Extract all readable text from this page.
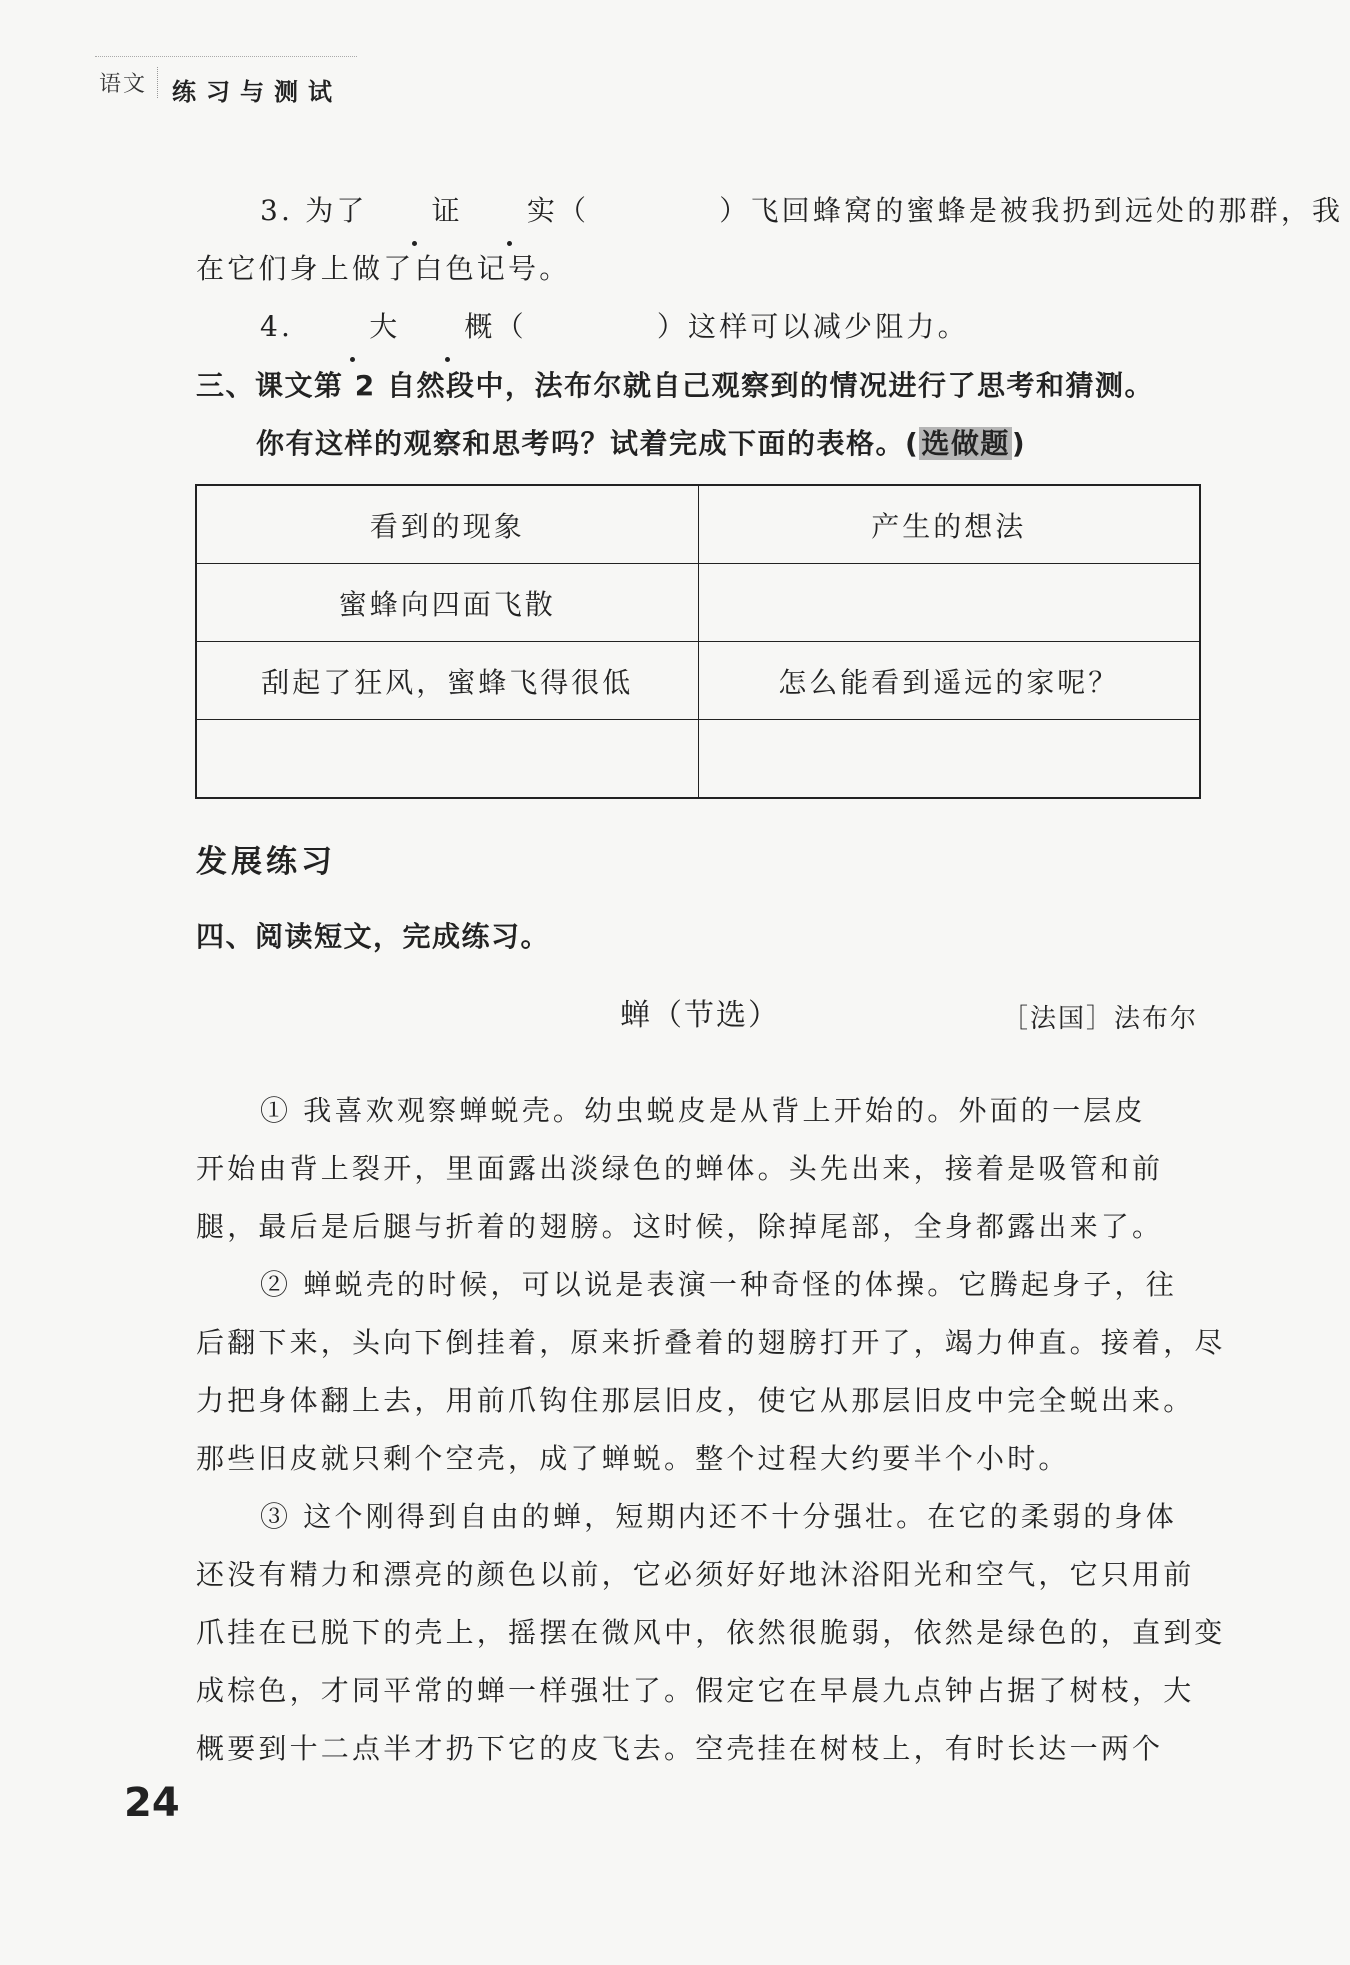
语文	练习与测试
3. 为了 证 实（	）飞回蜂窝的蜜蜂是被我扔到远处的那群，我
在它们身上做了白色记号。
4. 大 概（	）这样可以减少阻力。
三、课文第 2 自然段中，法布尔就自己观察到的情况进行了思考和猜测。
你有这样的观察和思考吗？试着完成下面的表格。(选做题)
看到的现象	产生的想法
蜜蜂向四面飞散	
刮起了狂风，蜜蜂飞得很低	怎么能看到遥远的家呢？

发展练习
四、阅读短文，完成练习。
蝉（节选）	［法国］法布尔
① 我喜欢观察蝉蜕壳。幼虫蜕皮是从背上开始的。外面的一层皮
开始由背上裂开，里面露出淡绿色的蝉体。头先出来，接着是吸管和前
腿，最后是后腿与折着的翅膀。这时候，除掉尾部，全身都露出来了。
② 蝉蜕壳的时候，可以说是表演一种奇怪的体操。它腾起身子，往
后翻下来，头向下倒挂着，原来折叠着的翅膀打开了，竭力伸直。接着，尽
力把身体翻上去，用前爪钩住那层旧皮，使它从那层旧皮中完全蜕出来。
那些旧皮就只剩个空壳，成了蝉蜕。整个过程大约要半个小时。
③ 这个刚得到自由的蝉，短期内还不十分强壮。在它的柔弱的身体
还没有精力和漂亮的颜色以前，它必须好好地沐浴阳光和空气，它只用前
爪挂在已脱下的壳上，摇摆在微风中，依然很脆弱，依然是绿色的，直到变
成棕色，才同平常的蝉一样强壮了。假定它在早晨九点钟占据了树枝，大
概要到十二点半才扔下它的皮飞去。空壳挂在树枝上，有时长达一两个
24
